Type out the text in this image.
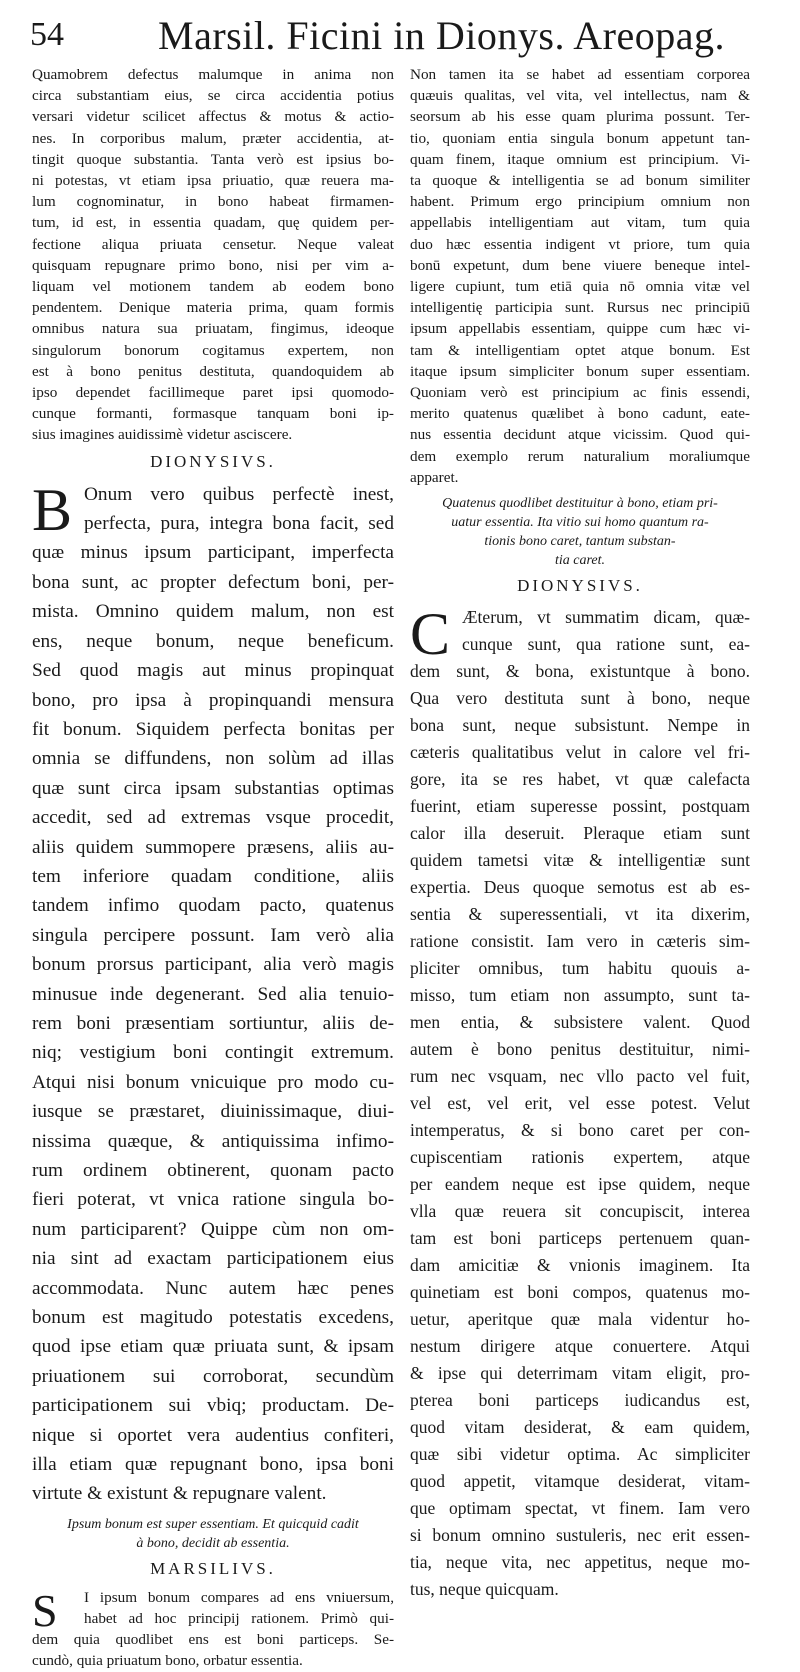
54 Marsil. Ficini in Dionys. Areopag.
Quamobrem defectus malumque in anima non
circa substantiam eius, se circa accidentia potius
versari videtur scilicet affectus & motus & actio-
nes. In corporibus malum, præter accidentia, at-
tingit quoque substantia. Tanta verò est ipsius bo-
ni potestas, vt etiam ipsa priuatio, quæ reuera ma-
lum cognominatur, in bono habeat firmamen-
tum, id est, in essentia quadam, quę quidem per-
fectione aliqua priuata censetur. Neque valeat
quisquam repugnare primo bono, nisi per vim a-
liquam vel motionem tandem ab eodem bono
pendentem. Denique materia prima, quam formis
omnibus natura sua priuatam, fingimus, ideoque
singulorum bonorum cogitamus expertem, non
est à bono penitus destituta, quandoquidem ab
ipso dependet facillimeque paret ipsi quomodo-
cunque formanti, formasque tanquam boni ip-
sius imagines auidissimè videtur asciscere.
DIONYSIVS.
B Onum vero quibus perfectè inest,
perfecta, pura, integra bona facit, sed
quæ minus ipsum participant, imperfecta
bona sunt, ac propter defectum boni, per-
mista. Omnino quidem malum, non est
ens, neque bonum, neque beneficum.
Sed quod magis aut minus propinquat
bono, pro ipsa à propinquandi mensura
fit bonum. Siquidem perfecta bonitas per
omnia se diffundens, non solùm ad illas
quæ sunt circa ipsam substantias optimas
accedit, sed ad extremas vsque procedit,
aliis quidem summopere præsens, aliis au-
tem inferiore quadam conditione, aliis
tandem infimo quodam pacto, quatenus
singula percipere possunt. Iam verò alia
bonum prorsus participant, alia verò magis
minusue inde degenerant. Sed alia tenuio-
rem boni præsentiam sortiuntur, aliis de-
niq; vestigium boni contingit extremum.
Atqui nisi bonum vnicuique pro modo cu-
iusque se præstaret, diuinissimaque, diui-
nissima quæque, & antiquissima infimo-
rum ordinem obtinerent, quonam pacto
fieri poterat, vt vnica ratione singula bo-
num participarent? Quippe cùm non om-
nia sint ad exactam participationem eius
accommodata. Nunc autem hæc penes
bonum est magitudo potestatis excedens,
quod ipse etiam quæ priuata sunt, & ipsam
priuationem sui corroborat, secundùm
participationem sui vbiq; productam. De-
nique si oportet vera audentius confiteri,
illa etiam quæ repugnant bono, ipsa boni
virtute & existunt & repugnare valent.
Ipsum bonum est super essentiam. Et quicquid cadit
à bono, decidit ab essentia.
MARSILIVS.
S	I ipsum bonum compares ad ens vniuersum,
habet ad hoc principij rationem. Primò qui-
dem quia quodlibet ens est boni particeps. Se-
cundò, quia priuatum bono, orbatur essentia.
Non tamen ita se habet ad essentiam corporea
quæuis qualitas, vel vita, vel intellectus, nam &
seorsum ab his esse quam plurima possunt. Ter-
tio, quoniam entia singula bonum appetunt tan-
quam finem, itaque omnium est principium. Vi-
ta quoque & intelligentia se ad bonum similiter
habent. Primum ergo principium omnium non
appellabis intelligentiam aut vitam, tum quia
duo hæc essentia indigent vt priore, tum quia
bonū expetunt, dum bene viuere beneque intel-
ligere cupiunt, tum etiā quia nō omnia vitæ vel
intelligentię participia sunt. Rursus nec principiū
ipsum appellabis essentiam, quippe cum hæc vi-
tam & intelligentiam optet atque bonum. Est
itaque ipsum simpliciter bonum super essentiam.
Quoniam verò est principium ac finis essendi,
merito quatenus quælibet à bono cadunt, eate-
nus essentia decidunt atque vicissim. Quod qui-
dem exemplo rerum naturalium moraliumque
apparet.
Quatenus quodlibet destituitur à bono, etiam pri-
uatur essentia. Ita vitio sui homo quantum ra-
tionis bono caret, tantum substan-
tia caret.
DIONYSIVS.
C Æterum, vt summatim dicam, quæ-
cunque sunt, qua ratione sunt, ea-
dem sunt, & bona, existuntque à bono.
Qua vero destituta sunt à bono, neque
bona sunt, neque subsistunt. Nempe in
cæteris qualitatibus velut in calore vel fri-
gore, ita se res habet, vt quæ calefacta
fuerint, etiam superesse possint, postquam
calor illa deseruit. Pleraque etiam sunt
quidem tametsi vitæ & intelligentiæ sunt
expertia. Deus quoque semotus est ab es-
sentia & superessentiali, vt ita dixerim,
ratione consistit. Iam vero in cæteris sim-
pliciter omnibus, tum habitu quouis a-
misso, tum etiam non assumpto, sunt ta-
men entia, & subsistere valent. Quod
autem è bono penitus destituitur, nimi-
rum nec vsquam, nec vllo pacto vel fuit,
vel est, vel erit, vel esse potest. Velut
intemperatus, & si bono caret per con-
cupiscentiam rationis expertem, atque
per eandem neque est ipse quidem, neque
vlla quæ reuera sit concupiscit, interea
tam est boni particeps pertenuem quan-
dam amicitiæ & vnionis imaginem. Ita
quinetiam est boni compos, quatenus mo-
uetur, aperitque quæ mala videntur ho-
nestum dirigere atque conuertere. Atqui
& ipse qui deterrimam vitam eligit, pro-
pterea boni particeps iudicandus est,
quod vitam desiderat, & eam quidem,
quæ sibi videtur optima. Ac simpliciter
quod appetit, vitamque desiderat, vitam-
que optimam spectat, vt finem. Iam vero
si bonum omnino sustuleris, nec erit essen-
tia, neque vita, nec appetitus, neque mo-
tus, neque quicquam.
